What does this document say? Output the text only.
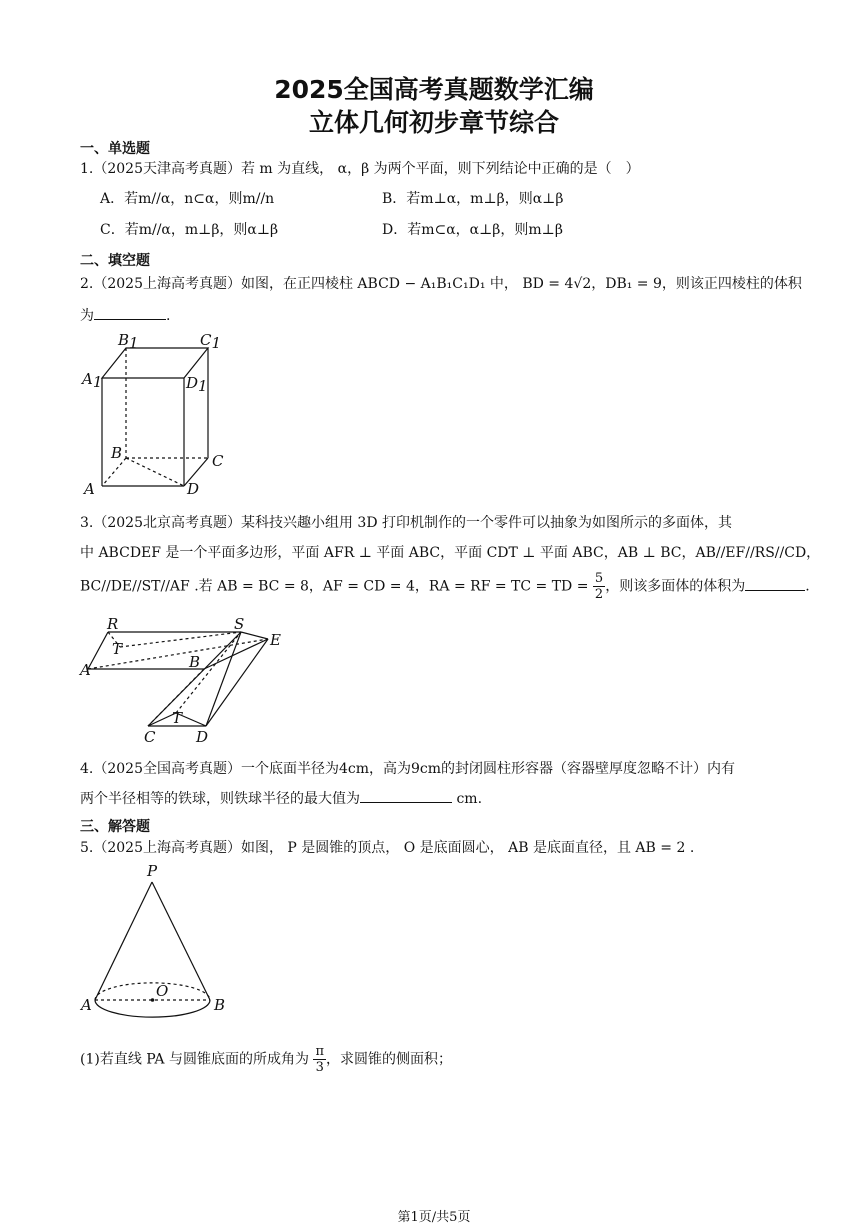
2025全国高考真题数学汇编
立体几何初步章节综合
一、单选题
1.（2025天津高考真题）若 m 为直线， α，β 为两个平面，则下列结论中正确的是（　）
A．若m//α，n⊂α，则m//n	B．若m⊥α，m⊥β，则α⊥β
C．若m//α，m⊥β，则α⊥β	D．若m⊂α，α⊥β，则m⊥β
二、填空题
2.（2025上海高考真题）如图，在正四棱柱 ABCD − A₁B₁C₁D₁ 中， BD = 4√2，DB₁ = 9，则该正四棱柱的体积
为	.
B1	C1
A1	D1
B	C
A	D
3.（2025北京高考真题）某科技兴趣小组用 3D 打印机制作的一个零件可以抽象为如图所示的多面体，其
中 ABCDEF 是一个平面多边形，平面 AFR ⊥ 平面 ABC，平面 CDT ⊥ 平面 ABC，AB ⊥ BC，AB//EF//RS//CD，
BC//DE//ST//AF .若 AB = BC = 8，AF = CD = 4，RA = RF = TC = TD = $\frac{5}{2}$ ，则该多面体的体积为	.
R	S
E
T
A	B
T
C	D
4.（2025全国高考真题）一个底面半径为4cm，高为9cm的封闭圆柱形容器（容器壁厚度忽略不计）内有
两个半径相等的铁球，则铁球半径的最大值为	cm.
三、解答题
5.（2025上海高考真题）如图， P 是圆锥的顶点， O 是底面圆心， AB 是底面直径，且 AB = 2 .
P
O
A	B
(1)若直线 PA 与圆锥底面的所成角为 $\frac{\pi}{3}$ ，求圆锥的侧面积；
第1页/共5页
